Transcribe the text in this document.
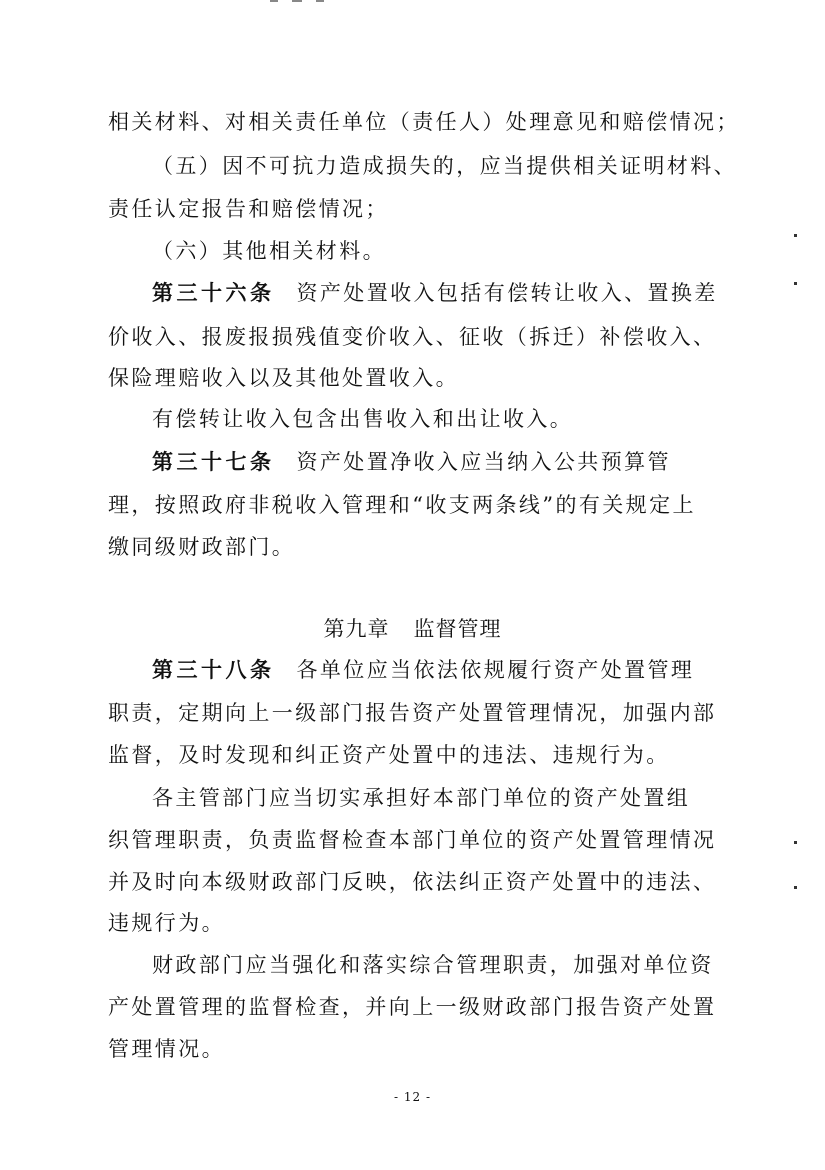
相关材料、对相关责任单位（责任人）处理意见和赔偿情况；
（五）因不可抗力造成损失的，应当提供相关证明材料、
责任认定报告和赔偿情况；
（六）其他相关材料。
第三十六条 资产处置收入包括有偿转让收入、置换差
价收入、报废报损残值变价收入、征收（拆迁）补偿收入、
保险理赔收入以及其他处置收入。
有偿转让收入包含出售收入和出让收入。
第三十七条 资产处置净收入应当纳入公共预算管
理，按照政府非税收入管理和“收支两条线”的有关规定上
缴同级财政部门。
第九章 监督管理
第三十八条 各单位应当依法依规履行资产处置管理
职责，定期向上一级部门报告资产处置管理情况，加强内部
监督，及时发现和纠正资产处置中的违法、违规行为。
各主管部门应当切实承担好本部门单位的资产处置组
织管理职责，负责监督检查本部门单位的资产处置管理情况
并及时向本级财政部门反映，依法纠正资产处置中的违法、
违规行为。
财政部门应当强化和落实综合管理职责，加强对单位资
产处置管理的监督检查，并向上一级财政部门报告资产处置
管理情况。
- 12 -
